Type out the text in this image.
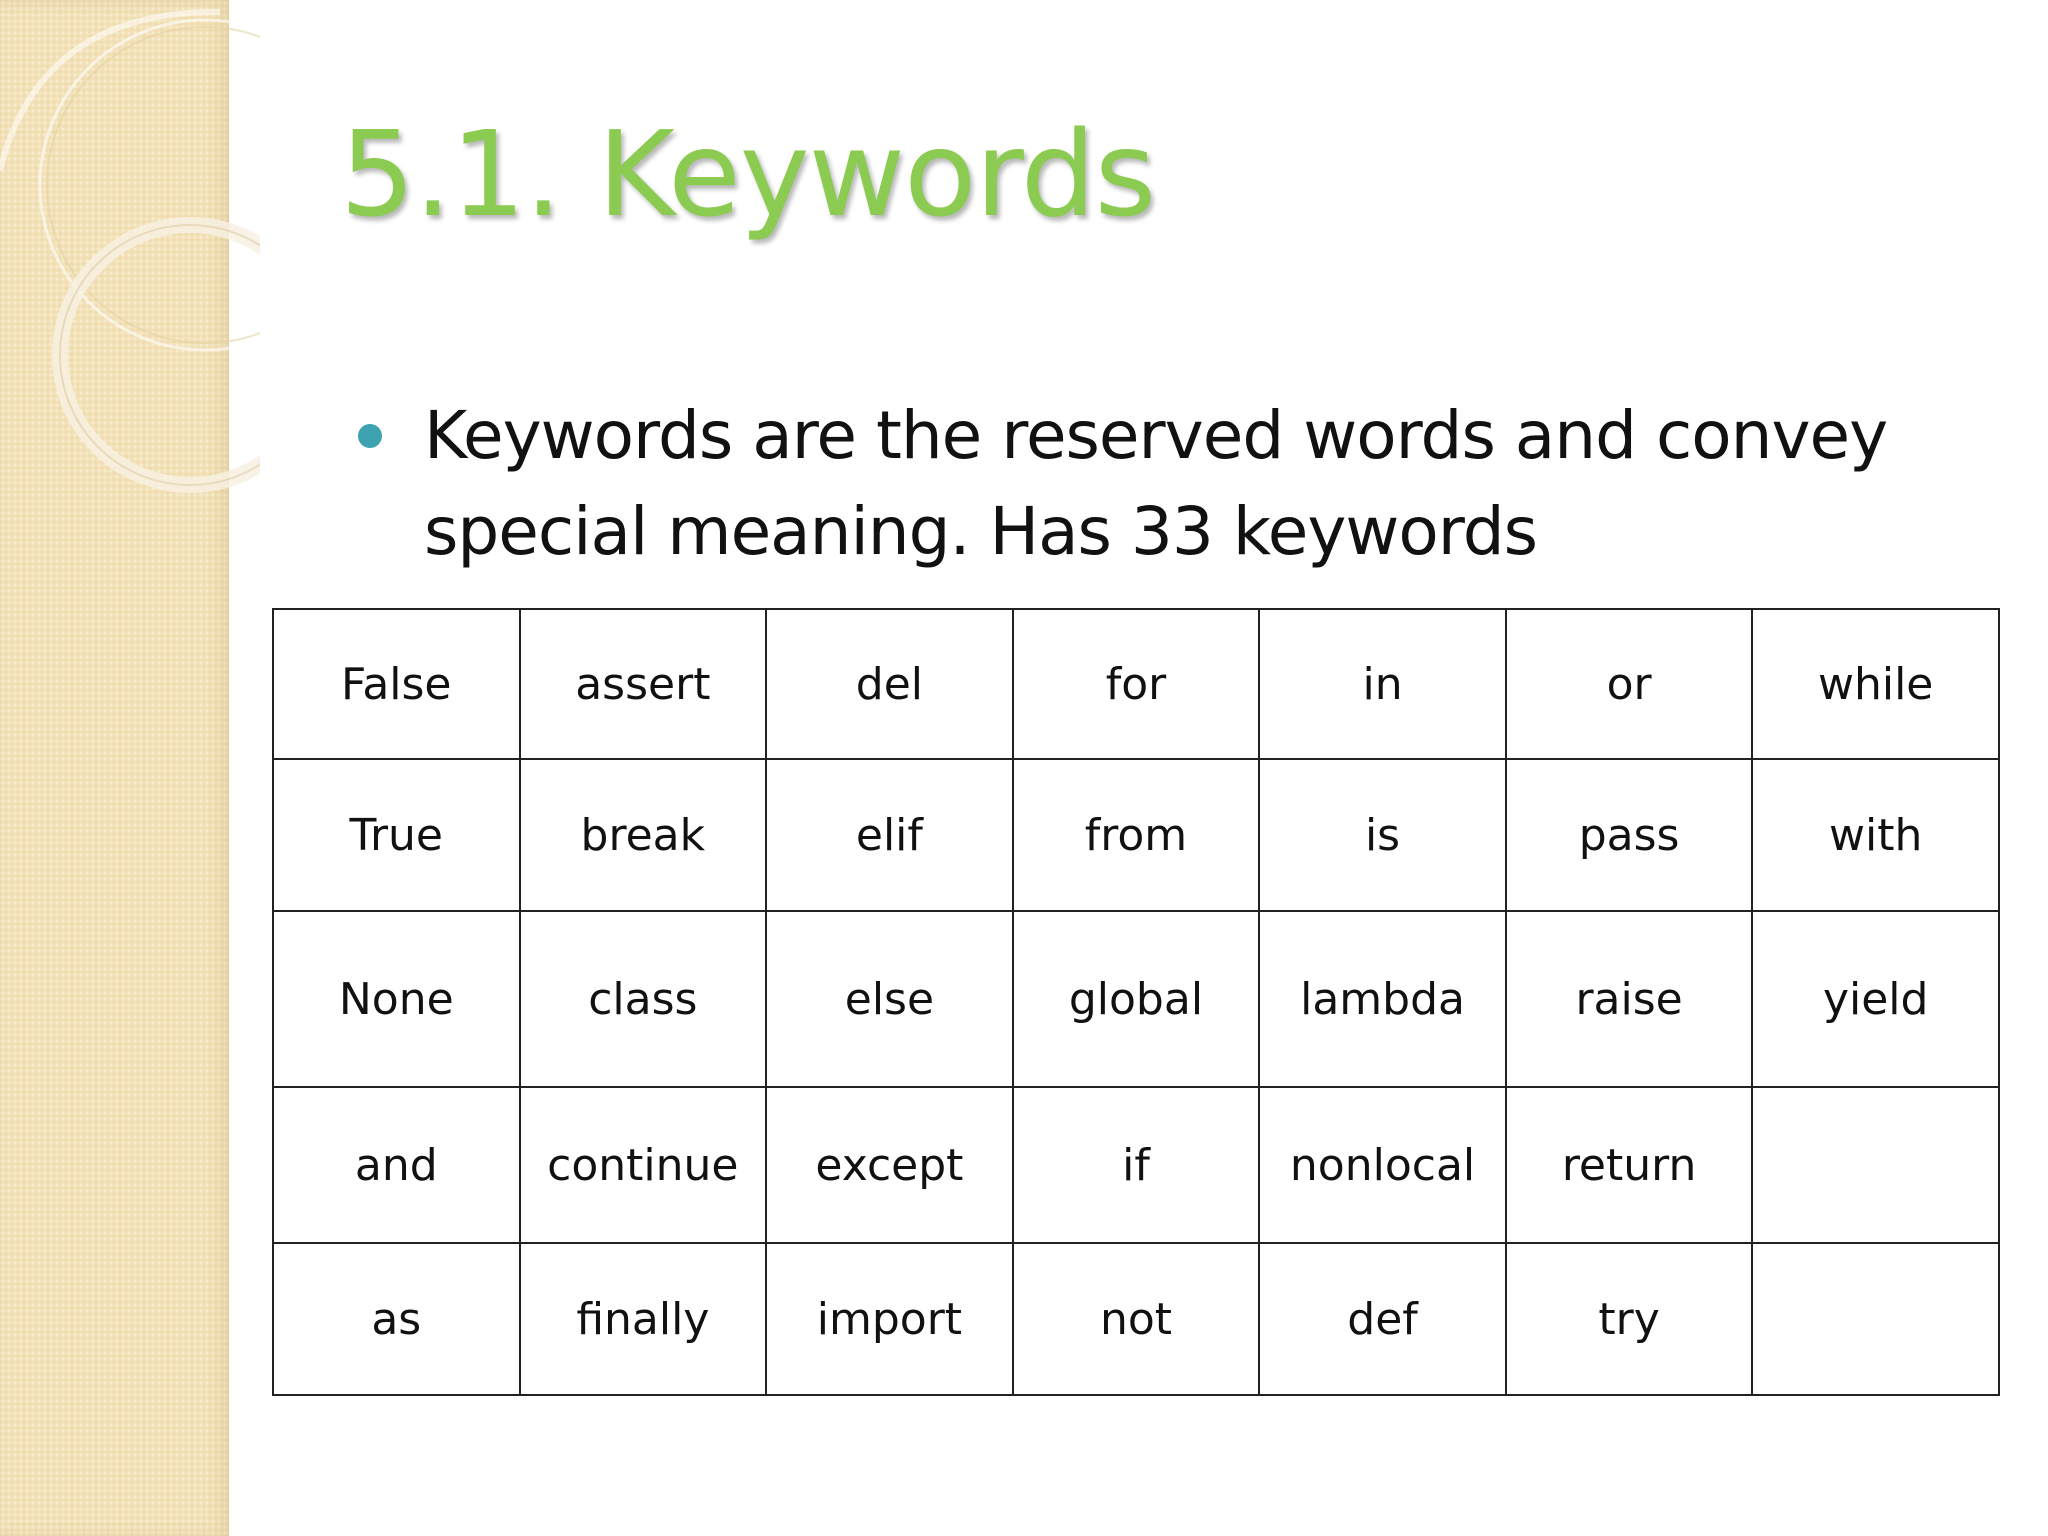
5.1. Keywords
Keywords are the reserved words and convey
special meaning. Has 33 keywords
False	assert	del	for	in	or	while
True	break	elif	from	is	pass	with
None	class	else	global	lambda	raise	yield
and	continue	except	if	nonlocal	return	
as	finally	import	not	def	try	
